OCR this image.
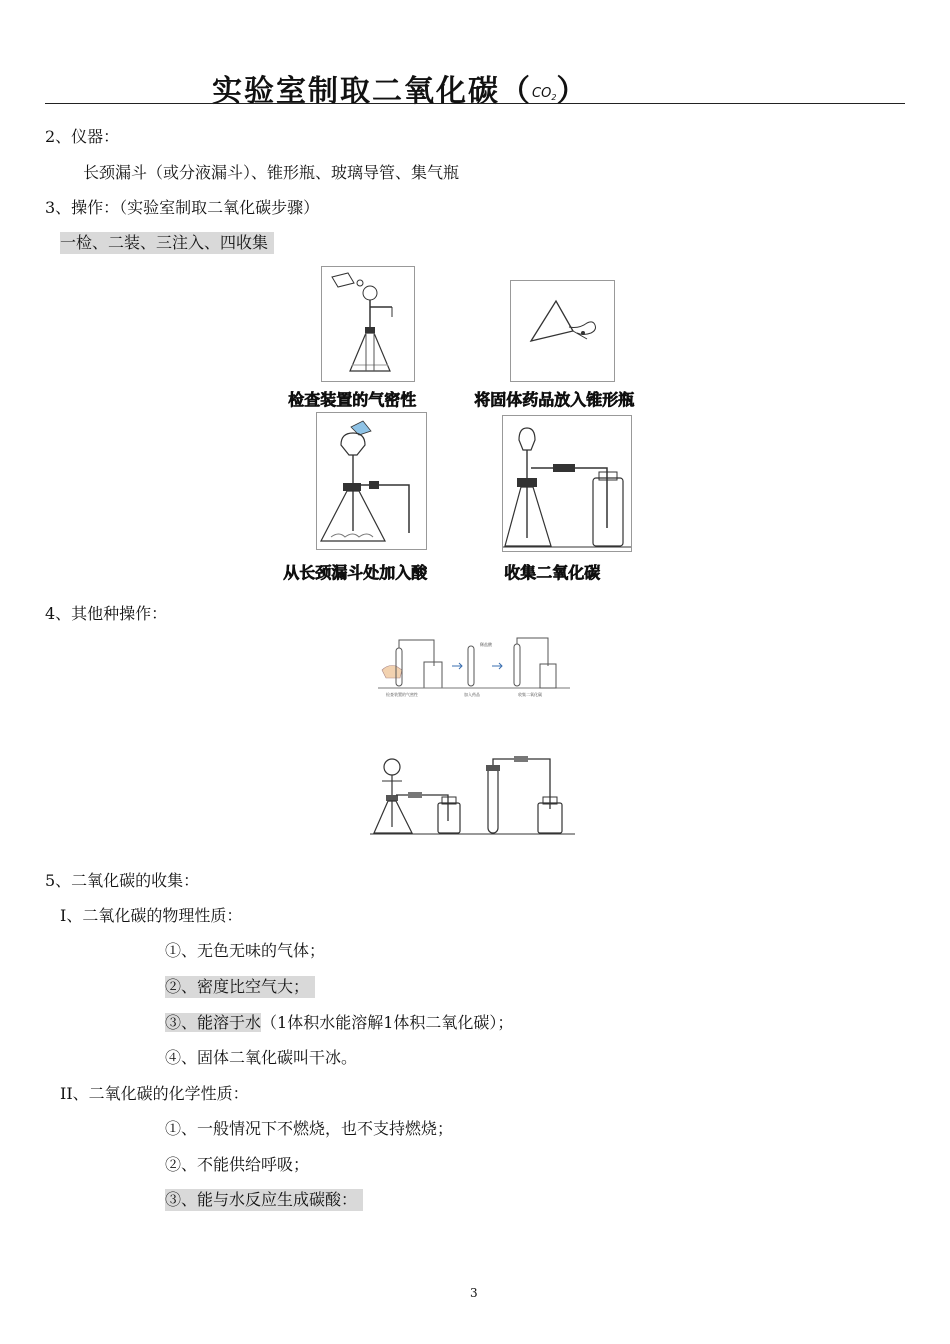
实验室制取二氧化碳（$^{CO_2}$）
2、仪器：
长颈漏斗（或分液漏斗）、锥形瓶、玻璃导管、集气瓶
3、操作：（实验室制取二氧化碳步骤）
一检、二装、三注入、四收集
检查装置的气密性	将固体药品放入锥形瓶
从长颈漏斗处加入酸	收集二氧化碳
4、其他种操作：
稀盐酸
检查装置的气密性	加入药品	收集二氧化碳
5、二氧化碳的收集：
I、二氧化碳的物理性质：
①、无色无味的气体；
②、密度比空气大；
③、能溶于水（1体积水能溶解1体积二氧化碳）；
④、固体二氧化碳叫干冰。
II、二氧化碳的化学性质：
①、一般情况下不燃烧，也不支持燃烧；
②、不能供给呼吸；
③、能与水反应生成碳酸：
3
